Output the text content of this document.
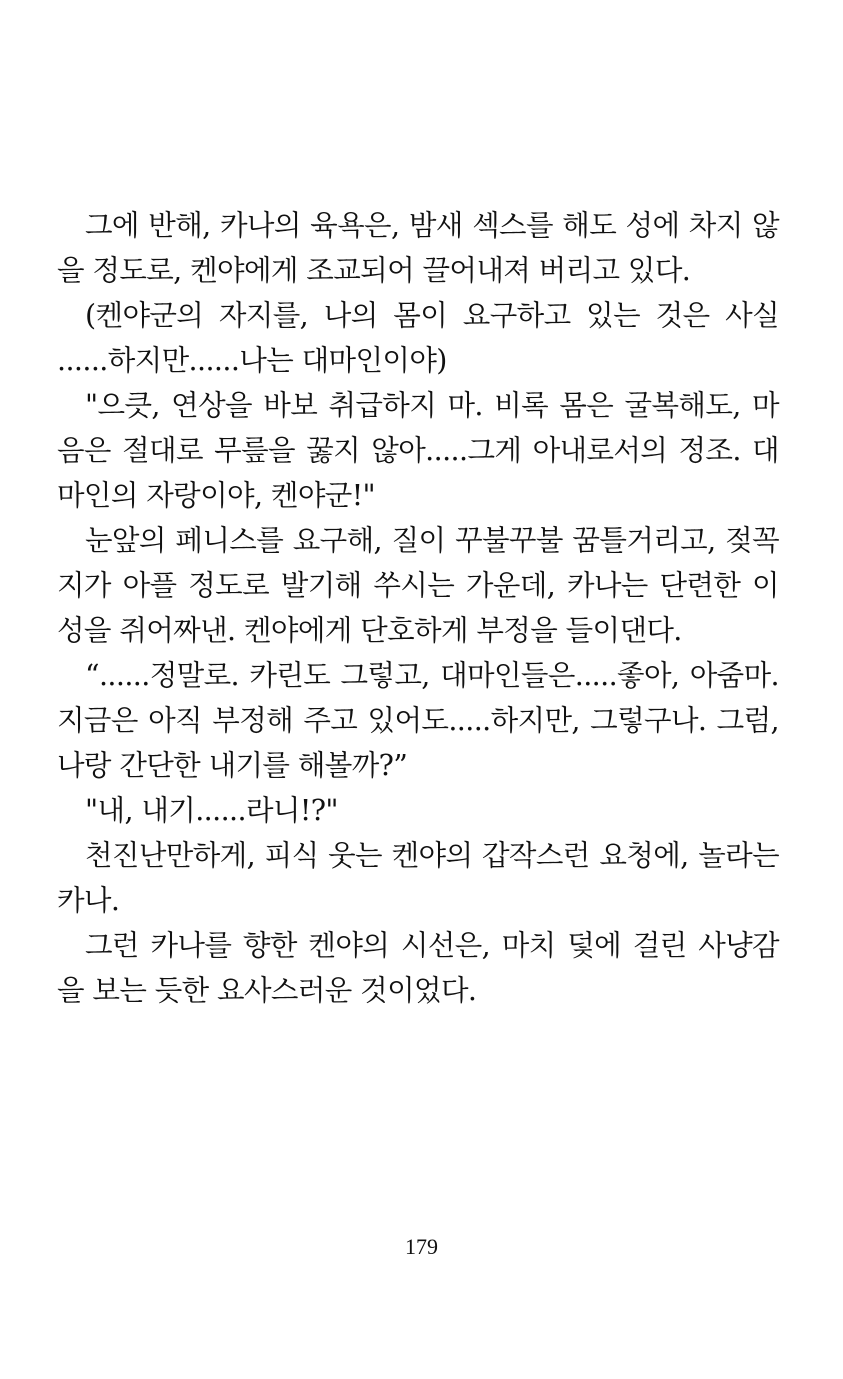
그에 반해, 카나의 육욕은, 밤새 섹스를 해도 성에 차지 않을 정도로, 켄야에게 조교되어 끌어내져 버리고 있다.

(켄야군의 자지를, 나의 몸이 요구하고 있는 것은 사실 ......하지만......나는 대마인이야)

"으큿, 연상을 바보 취급하지 마. 비록 몸은 굴복해도, 마음은 절대로 무릎을 꿇지 않아.....그게 아내로서의 정조. 대마인의 자랑이야, 켄야군!"

눈앞의 페니스를 요구해, 질이 꾸불꾸불 꿈틀거리고, 젖꼭지가 아플 정도로 발기해 쑤시는 가운데, 카나는 단련한 이성을 쥐어짜낸. 켄야에게 단호하게 부정을 들이댄다.

“......정말로. 카린도 그렇고, 대마인들은.....좋아, 아줌마. 지금은 아직 부정해 주고 있어도.....하지만, 그렇구나. 그럼, 나랑 간단한 내기를 해볼까?”

"내, 내기......라니!?"

천진난만하게, 피식 웃는 켄야의 갑작스런 요청에, 놀라는 카나.

그런 카나를 향한 켄야의 시선은, 마치 덫에 걸린 사냥감을 보는 듯한 요사스러운 것이었다.

179
